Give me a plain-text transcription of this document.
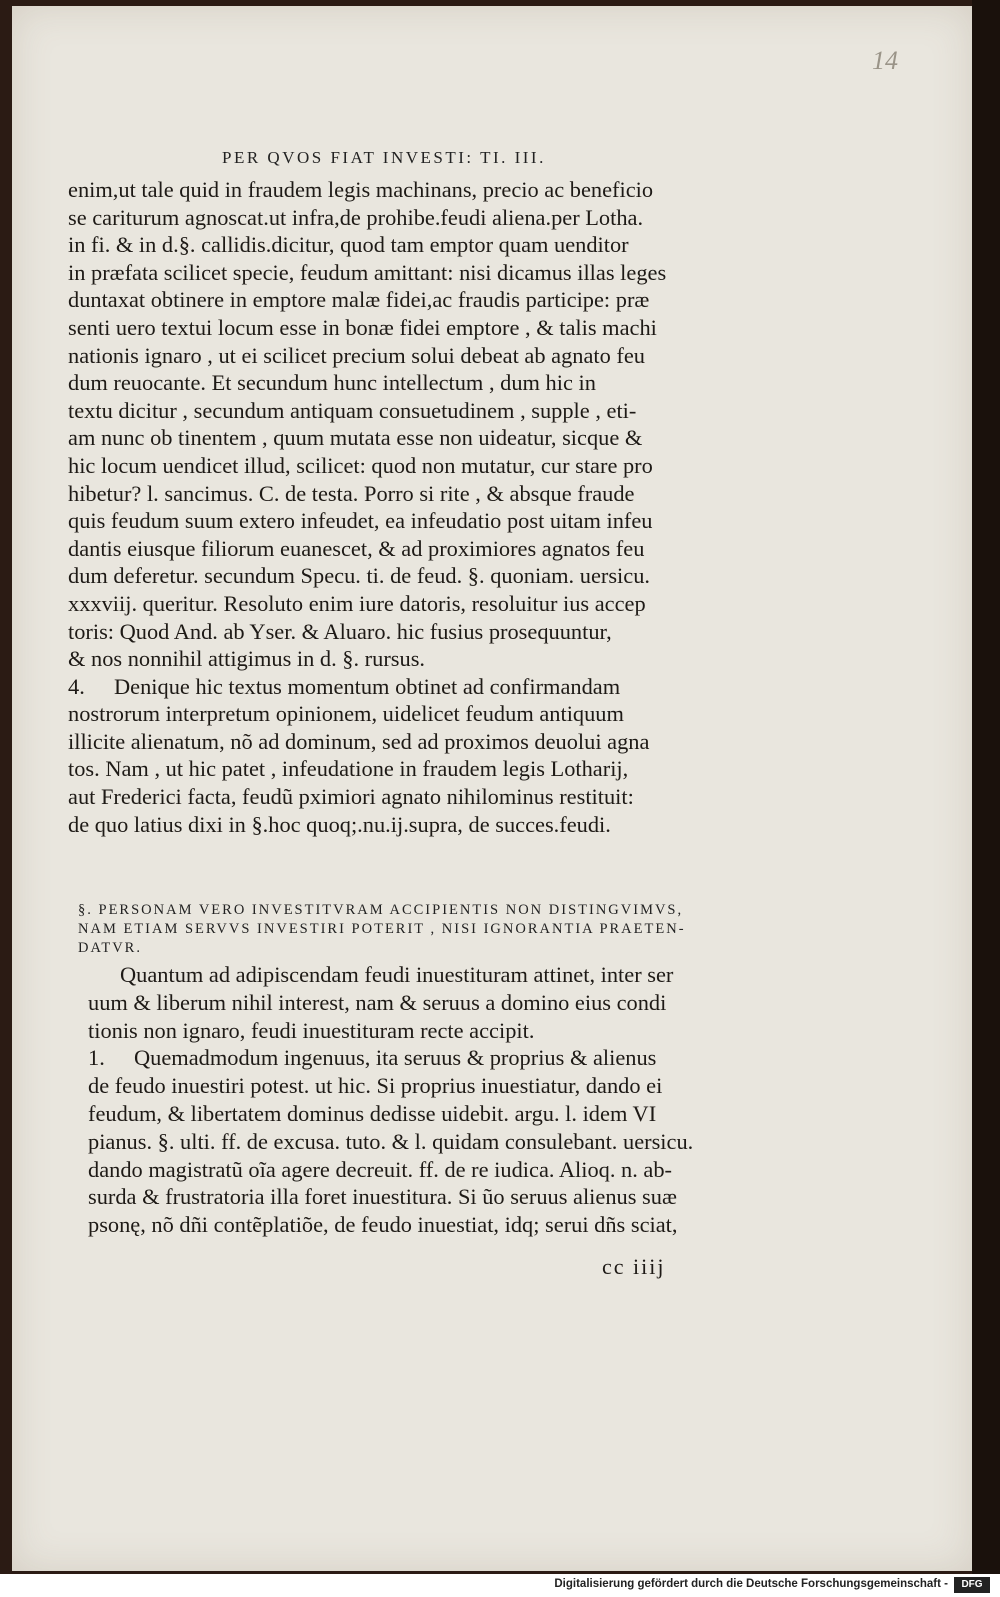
14
PER QVOS FIAT INVESTI: TI. III.
enim,ut tale quid in fraudem legis machinans, precio ac beneficio
se cariturum agnoscat.ut infra,de prohibe.feudi aliena.per Lotha.
in fi. & in d.§. callidis.dicitur, quod tam emptor quam uenditor
in præfata scilicet specie, feudum amittant: nisi dicamus illas leges
duntaxat obtinere in emptore malæ fidei,ac fraudis participe: præ
senti uero textui locum esse in bonæ fidei emptore , & talis machi
nationis ignaro , ut ei scilicet precium solui debeat ab agnato feu
dum reuocante. Et secundum hunc intellectum , dum hic in
textu dicitur , secundum antiquam consuetudinem , supple , eti-
am nunc ob tinentem , quum mutata esse non uideatur, sicque &
hic locum uendicet illud, scilicet: quod non mutatur, cur stare pro
hibetur? l. sancimus. C. de testa. Porro si rite , & absque fraude
quis feudum suum extero infeudet, ea infeudatio post uitam infeu
dantis eiusque filiorum euanescet, & ad proximiores agnatos feu
dum deferetur. secundum Specu. ti. de feud. §. quoniam. uersicu.
xxxviij. queritur. Resoluto enim iure datoris, resoluitur ius accep
toris: Quod And. ab Yser. & Aluaro. hic fusius prosequuntur,
& nos nonnihil attigimus in d. §. rursus.
4. Denique hic textus momentum obtinet ad confirmandam
nostrorum interpretum opinionem, uidelicet feudum antiquum
illicite alienatum, nõ ad dominum, sed ad proximos deuolui agna
tos. Nam , ut hic patet , infeudatione in fraudem legis Lotharij,
aut Frederici facta, feudũ pximiori agnato nihilominus restituit:
de quo latius dixi in §.hoc quoq;.nu.ij.supra, de succes.feudi.
§. PERSONAM VERO INVESTITVRAM ACCIPIENTIS NON DISTINGVIMVS,
NAM ETIAM SERVVS INVESTIRI POTERIT , NISI IGNORANTIA PRAETEN-
DATVR.
Quantum ad adipiscendam feudi inuestituram attinet, inter ser
uum & liberum nihil interest, nam & seruus a domino eius condi
tionis non ignaro, feudi inuestituram recte accipit.
1. Quemadmodum ingenuus, ita seruus & proprius & alienus
de feudo inuestiri potest. ut hic. Si proprius inuestiatur, dando ei
feudum, & libertatem dominus dedisse uidebit. argu. l. idem VI
pianus. §. ulti. ff. de excusa. tuto. & l. quidam consulebant. uersicu.
dando magistratũ oĩa agere decreuit. ff. de re iudica. Alioq. n. ab-
surda & frustratoria illa foret inuestitura. Si ũo seruus alienus suæ
psonę, nõ dñi contẽplatiõe, de feudo inuestiat, idq; serui dñs sciat,
cc iiij
Digitalisierung gefördert durch die Deutsche Forschungsgemeinschaft -	DFG
